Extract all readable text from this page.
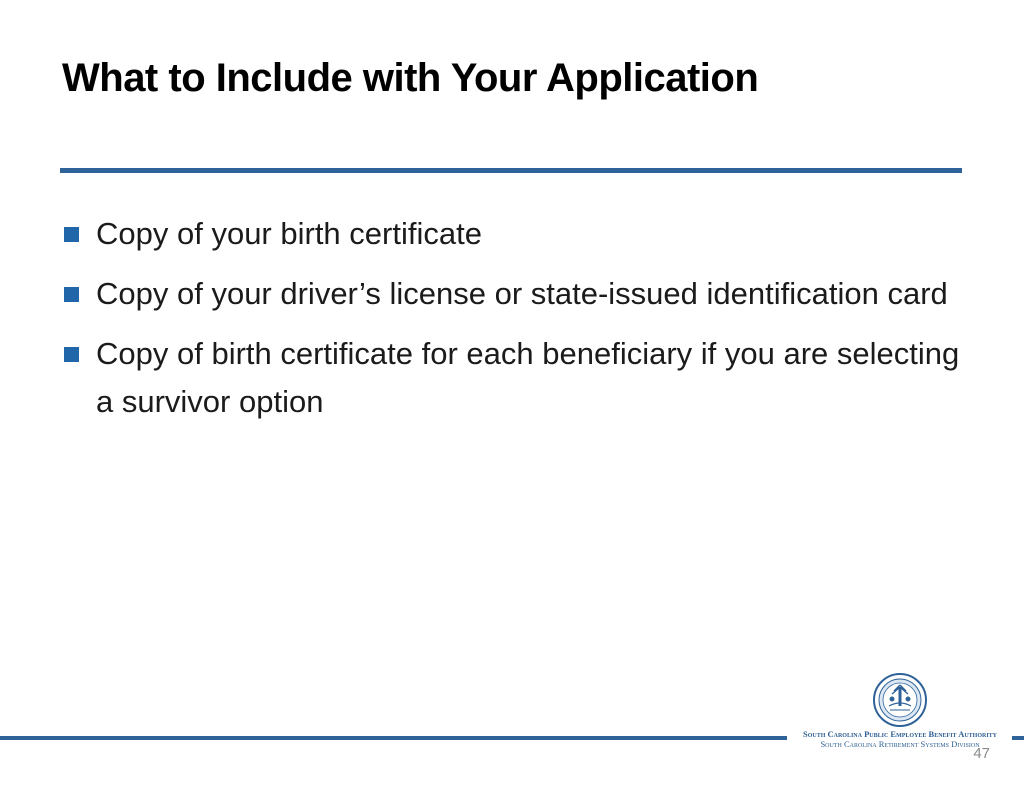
What to Include with Your Application
Copy of your birth certificate
Copy of your driver’s license or state-issued identification card
Copy of birth certificate for each beneficiary if you are selecting a survivor option
South Carolina Public Employee Benefit Authority
South Carolina Retirement Systems Division
47
